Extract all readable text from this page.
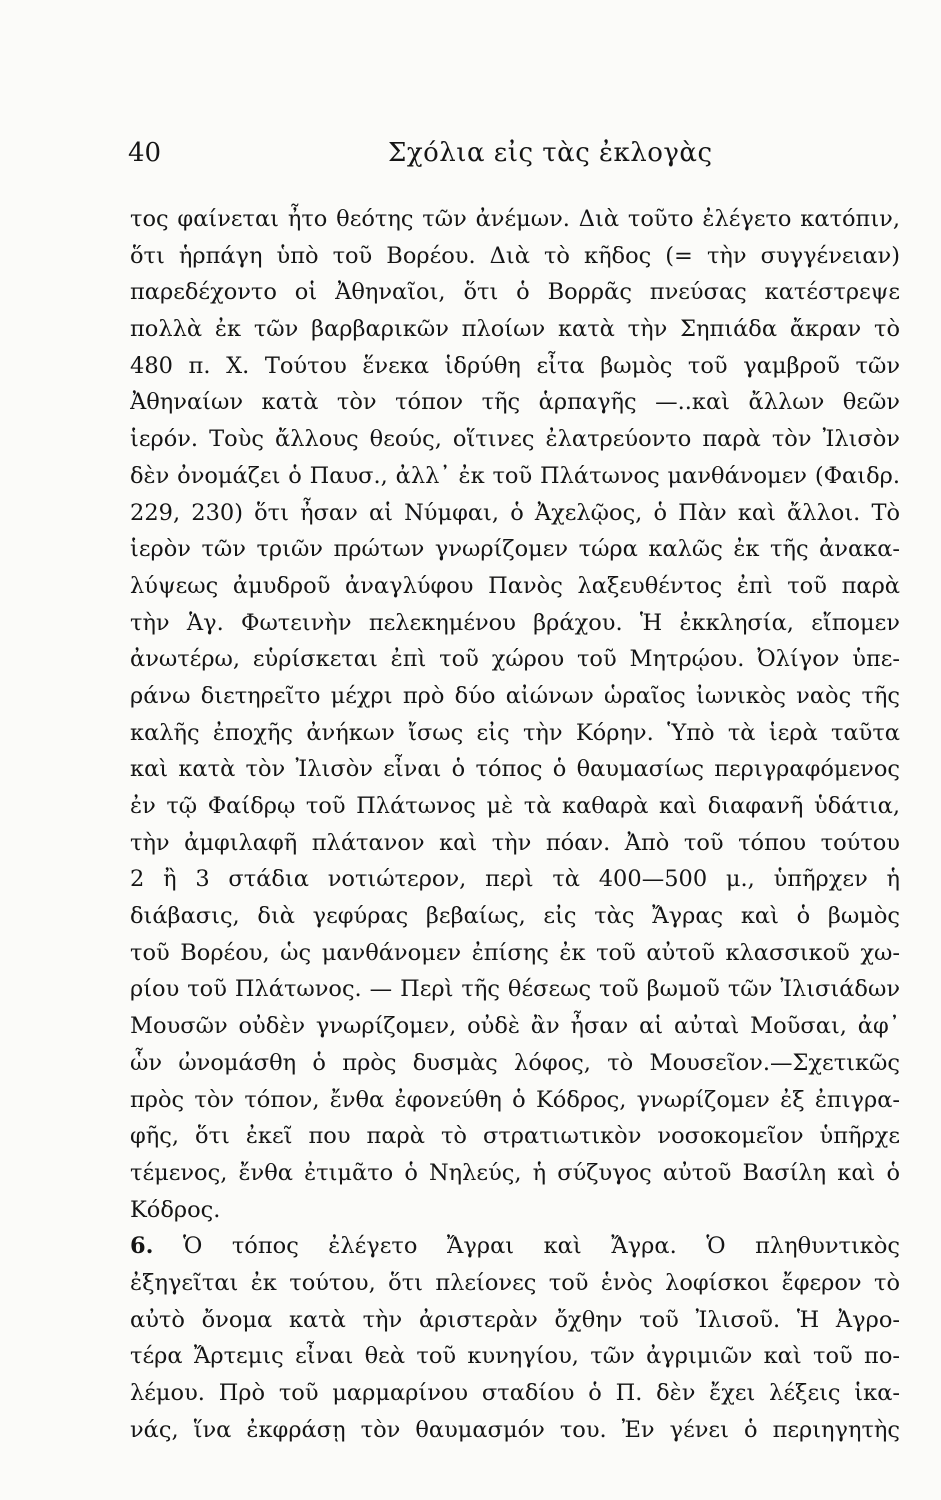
40	Σχόλια εἰς τὰς ἐκλογὰς
τος φαίνεται ἦτο θεότης τῶν ἀνέμων. Διὰ τοῦτο ἐλέγετο κατόπιν,
ὅτι ἡρπάγη ὑπὸ τοῦ Βορέου. Διὰ τὸ κῆδος (= τὴν συγγένειαν)
παρεδέχοντο οἱ Ἀθηναῖοι, ὅτι ὁ Βορρᾶς πνεύσας κατέστρεψε
πολλὰ ἐκ τῶν βαρβαρικῶν πλοίων κατὰ τὴν Σηπιάδα ἄκραν τὸ
480 π. Χ. Τούτου ἕνεκα ἱδρύθη εἶτα βωμὸς τοῦ γαμβροῦ τῶν
Ἀθηναίων κατὰ τὸν τόπον τῆς ἁρπαγῆς —..καὶ ἄλλων θεῶν
ἱερόν. Τοὺς ἄλλους θεούς, οἵτινες ἐλατρεύοντο παρὰ τὸν Ἰλισὸν
δὲν ὀνομάζει ὁ Παυσ., ἀλλ᾿ ἐκ τοῦ Πλάτωνος μανθάνομεν (Φαιδρ.
229, 230) ὅτι ἦσαν αἱ Νύμφαι, ὁ Ἀχελῷος, ὁ Πὰν καὶ ἄλλοι. Τὸ
ἱερὸν τῶν τριῶν πρώτων γνωρίζομεν τώρα καλῶς ἐκ τῆς ἀνακα-
λύψεως ἀμυδροῦ ἀναγλύφου Πανὸς λαξευθέντος ἐπὶ τοῦ παρὰ
τὴν Ἁγ. Φωτεινὴν πελεκημένου βράχου. Ἡ ἐκκλησία, εἴπομεν
ἀνωτέρω, εὑρίσκεται ἐπὶ τοῦ χώρου τοῦ Μητρῴου. Ὀλίγον ὑπε-
ράνω διετηρεῖτο μέχρι πρὸ δύο αἰώνων ὡραῖος ἰωνικὸς ναὸς τῆς
καλῆς ἐποχῆς ἀνήκων ἴσως εἰς τὴν Κόρην. Ὑπὸ τὰ ἱερὰ ταῦτα
καὶ κατὰ τὸν Ἰλισὸν εἶναι ὁ τόπος ὁ θαυμασίως περιγραφόμενος
ἐν τῷ Φαίδρῳ τοῦ Πλάτωνος μὲ τὰ καθαρὰ καὶ διαφανῆ ὑδάτια,
τὴν ἀμφιλαφῆ πλάτανον καὶ τὴν πόαν. Ἀπὸ τοῦ τόπου τούτου
2 ἢ 3 στάδια νοτιώτερον, περὶ τὰ 400—500 μ., ὑπῆρχεν ἡ
διάβασις, διὰ γεφύρας βεβαίως, εἰς τὰς Ἄγρας καὶ ὁ βωμὸς
τοῦ Βορέου, ὡς μανθάνομεν ἐπίσης ἐκ τοῦ αὐτοῦ κλασσικοῦ χω-
ρίου τοῦ Πλάτωνος. — Περὶ τῆς θέσεως τοῦ βωμοῦ τῶν Ἰλισιάδων
Μουσῶν οὐδὲν γνωρίζομεν, οὐδὲ ἂν ἦσαν αἱ αὐταὶ Μοῦσαι, ἀφ᾿
ὧν ὠνομάσθη ὁ πρὸς δυσμὰς λόφος, τὸ Μουσεῖον.—Σχετικῶς
πρὸς τὸν τόπον, ἔνθα ἐφονεύθη ὁ Κόδρος, γνωρίζομεν ἐξ ἐπιγρα-
φῆς, ὅτι ἐκεῖ που παρὰ τὸ στρατιωτικὸν νοσοκομεῖον ὑπῆρχε
τέμενος, ἔνθα ἐτιμᾶτο ὁ Νηλεύς, ἡ σύζυγος αὐτοῦ Βασίλη καὶ ὁ
Κόδρος.
6. Ὁ τόπος ἐλέγετο Ἄγραι καὶ Ἄγρα. Ὁ πληθυντικὸς
ἐξηγεῖται ἐκ τούτου, ὅτι πλείονες τοῦ ἑνὸς λοφίσκοι ἔφερον τὸ
αὐτὸ ὄνομα κατὰ τὴν ἀριστερὰν ὄχθην τοῦ Ἰλισοῦ. Ἡ Ἀγρο-
τέρα Ἄρτεμις εἶναι θεὰ τοῦ κυνηγίου, τῶν ἀγριμιῶν καὶ τοῦ πο-
λέμου. Πρὸ τοῦ μαρμαρίνου σταδίου ὁ Π. δὲν ἔχει λέξεις ἱκα-
νάς, ἵνα ἐκφράσῃ τὸν θαυμασμόν του. Ἐν γένει ὁ περιηγητὴς
